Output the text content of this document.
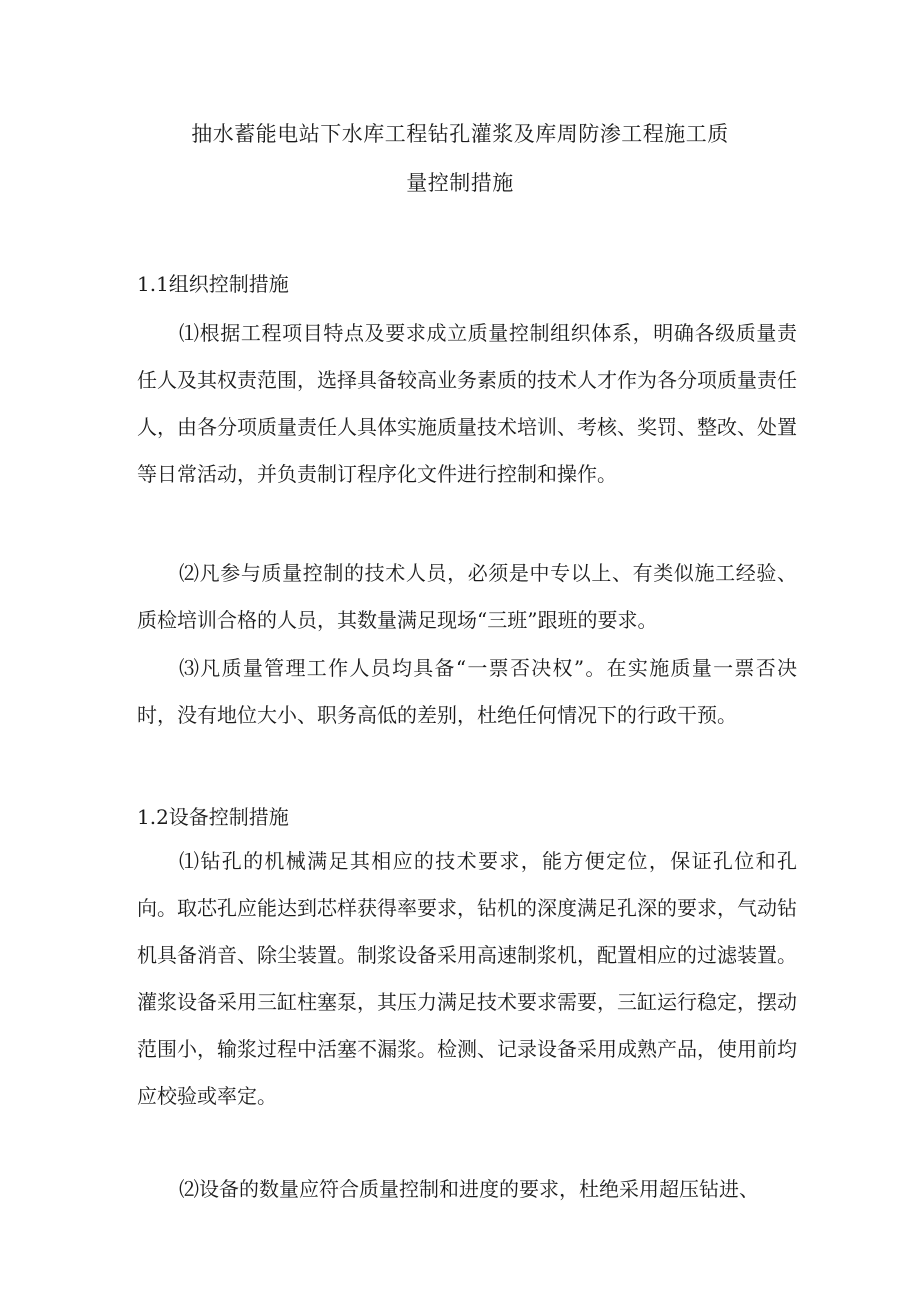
抽水蓄能电站下水库工程钻孔灌浆及库周防渗工程施工质
量控制措施
1.1组织控制措施

⑴根据工程项目特点及要求成立质量控制组织体系，明确各级质量责任人及其权责范围，选择具备较高业务素质的技术人才作为各分项质量责任人，由各分项质量责任人具体实施质量技术培训、考核、奖罚、整改、处置等日常活动，并负责制订程序化文件进行控制和操作。

⑵凡参与质量控制的技术人员，必须是中专以上、有类似施工经验、质检培训合格的人员，其数量满足现场“三班”跟班的要求。

⑶凡质量管理工作人员均具备“一票否决权”。在实施质量一票否决时，没有地位大小、职务高低的差别，杜绝任何情况下的行政干预。

1.2设备控制措施

⑴钻孔的机械满足其相应的技术要求，能方便定位，保证孔位和孔向。取芯孔应能达到芯样获得率要求，钻机的深度满足孔深的要求，气动钻机具备消音、除尘装置。制浆设备采用高速制浆机，配置相应的过滤装置。灌浆设备采用三缸柱塞泵，其压力满足技术要求需要，三缸运行稳定，摆动范围小，输浆过程中活塞不漏浆。检测、记录设备采用成熟产品，使用前均应校验或率定。

⑵设备的数量应符合质量控制和进度的要求，杜绝采用超压钻进、
